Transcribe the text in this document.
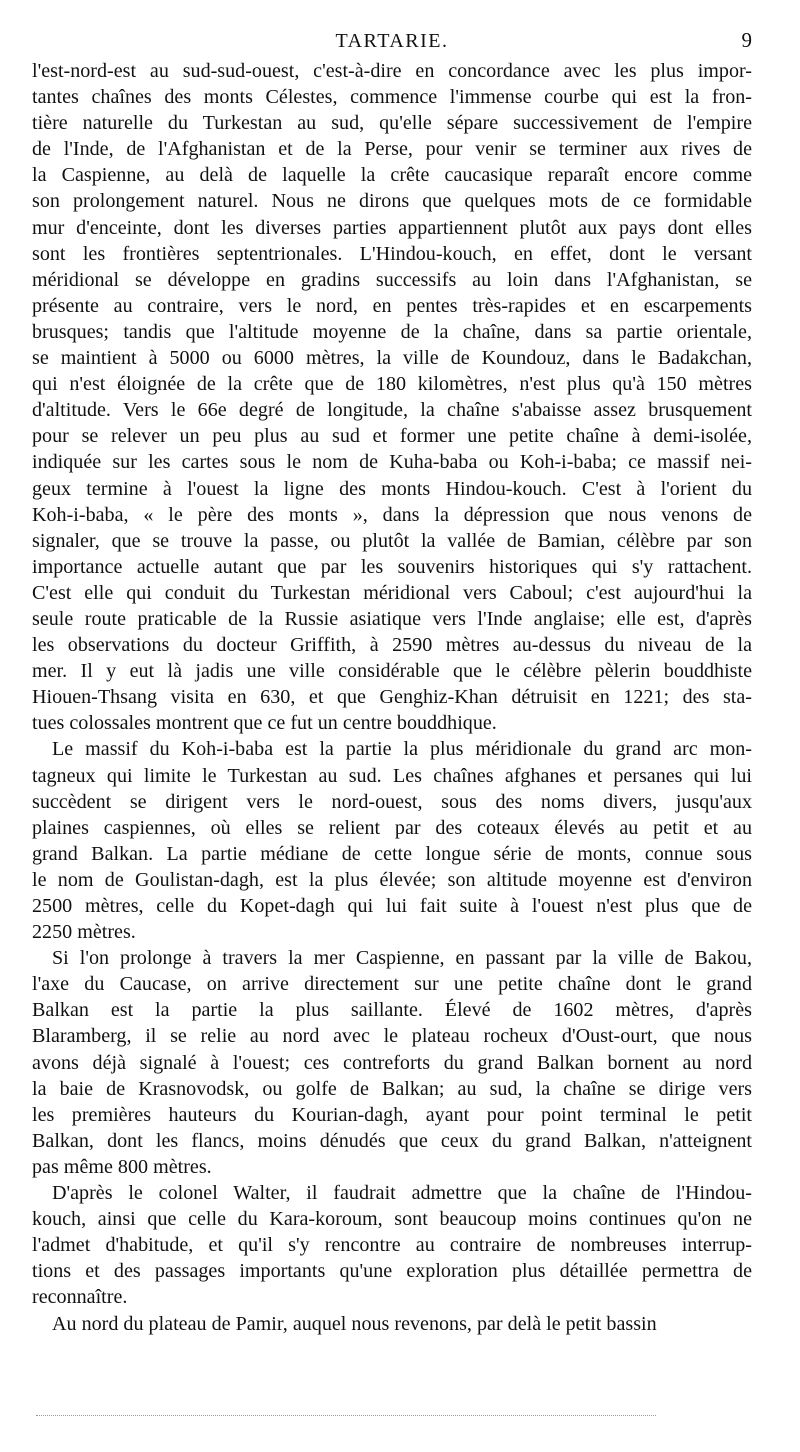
TARTARIE.	9
l'est-nord-est au sud-sud-ouest, c'est-à-dire en concordance avec les plus impor-
tantes chaînes des monts Célestes, commence l'immense courbe qui est la fron-
tière naturelle du Turkestan au sud, qu'elle sépare successivement de l'empire
de l'Inde, de l'Afghanistan et de la Perse, pour venir se terminer aux rives de
la Caspienne, au delà de laquelle la crête caucasique reparaît encore comme
son prolongement naturel. Nous ne dirons que quelques mots de ce formidable
mur d'enceinte, dont les diverses parties appartiennent plutôt aux pays dont elles
sont les frontières septentrionales. L'Hindou-kouch, en effet, dont le versant
méridional se développe en gradins successifs au loin dans l'Afghanistan, se
présente au contraire, vers le nord, en pentes très-rapides et en escarpements
brusques; tandis que l'altitude moyenne de la chaîne, dans sa partie orientale,
se maintient à 5000 ou 6000 mètres, la ville de Koundouz, dans le Badakchan,
qui n'est éloignée de la crête que de 180 kilomètres, n'est plus qu'à 150 mètres
d'altitude. Vers le 66e degré de longitude, la chaîne s'abaisse assez brusquement
pour se relever un peu plus au sud et former une petite chaîne à demi-isolée,
indiquée sur les cartes sous le nom de Kuha-baba ou Koh-i-baba; ce massif nei-
geux termine à l'ouest la ligne des monts Hindou-kouch. C'est à l'orient du
Koh-i-baba, « le père des monts », dans la dépression que nous venons de
signaler, que se trouve la passe, ou plutôt la vallée de Bamian, célèbre par son
importance actuelle autant que par les souvenirs historiques qui s'y rattachent.
C'est elle qui conduit du Turkestan méridional vers Caboul; c'est aujourd'hui la
seule route praticable de la Russie asiatique vers l'Inde anglaise; elle est, d'après
les observations du docteur Griffith, à 2590 mètres au-dessus du niveau de la
mer. Il y eut là jadis une ville considérable que le célèbre pèlerin bouddhiste
Hiouen-Thsang visita en 630, et que Genghiz-Khan détruisit en 1221; des sta-
tues colossales montrent que ce fut un centre bouddhique.
Le massif du Koh-i-baba est la partie la plus méridionale du grand arc mon-
tagneux qui limite le Turkestan au sud. Les chaînes afghanes et persanes qui lui
succèdent se dirigent vers le nord-ouest, sous des noms divers, jusqu'aux
plaines caspiennes, où elles se relient par des coteaux élevés au petit et au
grand Balkan. La partie médiane de cette longue série de monts, connue sous
le nom de Goulistan-dagh, est la plus élevée; son altitude moyenne est d'environ
2500 mètres, celle du Kopet-dagh qui lui fait suite à l'ouest n'est plus que de
2250 mètres.
Si l'on prolonge à travers la mer Caspienne, en passant par la ville de Bakou,
l'axe du Caucase, on arrive directement sur une petite chaîne dont le grand
Balkan est la partie la plus saillante. Élevé de 1602 mètres, d'après
Blaramberg, il se relie au nord avec le plateau rocheux d'Oust-ourt, que nous
avons déjà signalé à l'ouest; ces contreforts du grand Balkan bornent au nord
la baie de Krasnovodsk, ou golfe de Balkan; au sud, la chaîne se dirige vers
les premières hauteurs du Kourian-dagh, ayant pour point terminal le petit
Balkan, dont les flancs, moins dénudés que ceux du grand Balkan, n'atteignent
pas même 800 mètres.
D'après le colonel Walter, il faudrait admettre que la chaîne de l'Hindou-
kouch, ainsi que celle du Kara-koroum, sont beaucoup moins continues qu'on ne
l'admet d'habitude, et qu'il s'y rencontre au contraire de nombreuses interrup-
tions et des passages importants qu'une exploration plus détaillée permettra de
reconnaître.
Au nord du plateau de Pamir, auquel nous revenons, par delà le petit bassin
